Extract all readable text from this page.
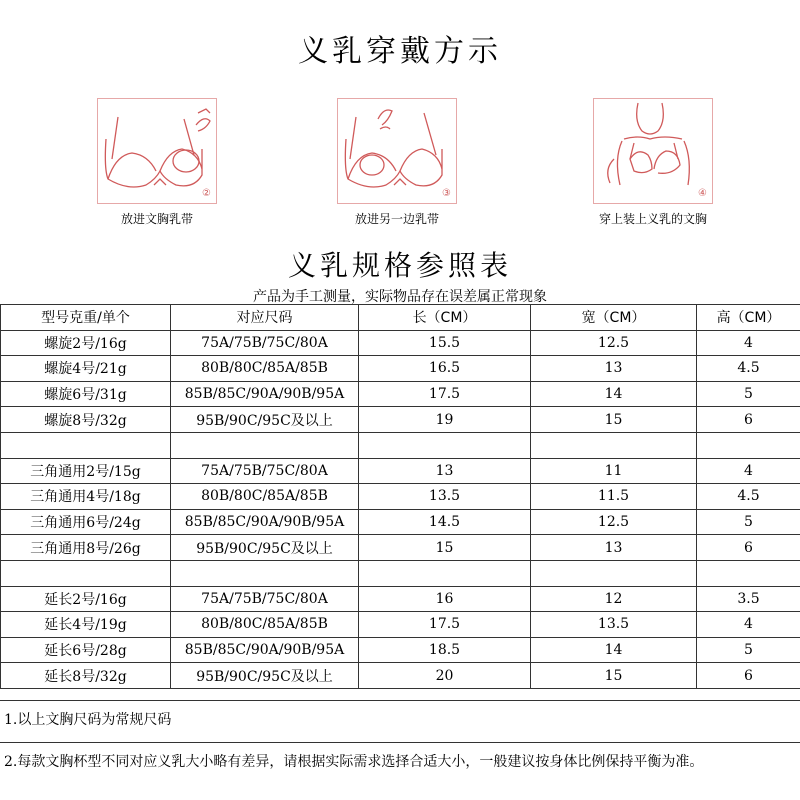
义乳穿戴方示
②
放进文胸乳带
③
放进另一边乳带
④
穿上装上义乳的文胸
义乳规格参照表
产品为手工测量，实际物品存在误差属正常现象
型号克重/单个	对应尺码	长（CM）	宽（CM）	高（CM）
螺旋2号/16g	75A/75B/75C/80A	15.5	12.5	4
螺旋4号/21g	80B/80C/85A/85B	16.5	13	4.5
螺旋6号/31g	85B/85C/90A/90B/95A	17.5	14	5
螺旋8号/32g	95B/90C/95C及以上	19	15	6

三角通用2号/15g	75A/75B/75C/80A	13	11	4
三角通用4号/18g	80B/80C/85A/85B	13.5	11.5	4.5
三角通用6号/24g	85B/85C/90A/90B/95A	14.5	12.5	5
三角通用8号/26g	95B/90C/95C及以上	15	13	6

延长2号/16g	75A/75B/75C/80A	16	12	3.5
延长4号/19g	80B/80C/85A/85B	17.5	13.5	4
延长6号/28g	85B/85C/90A/90B/95A	18.5	14	5
延长8号/32g	95B/90C/95C及以上	20	15	6
1.以上文胸尺码为常规尺码
2.每款文胸杯型不同对应义乳大小略有差异，请根据实际需求选择合适大小，一般建议按身体比例保持平衡为准。
